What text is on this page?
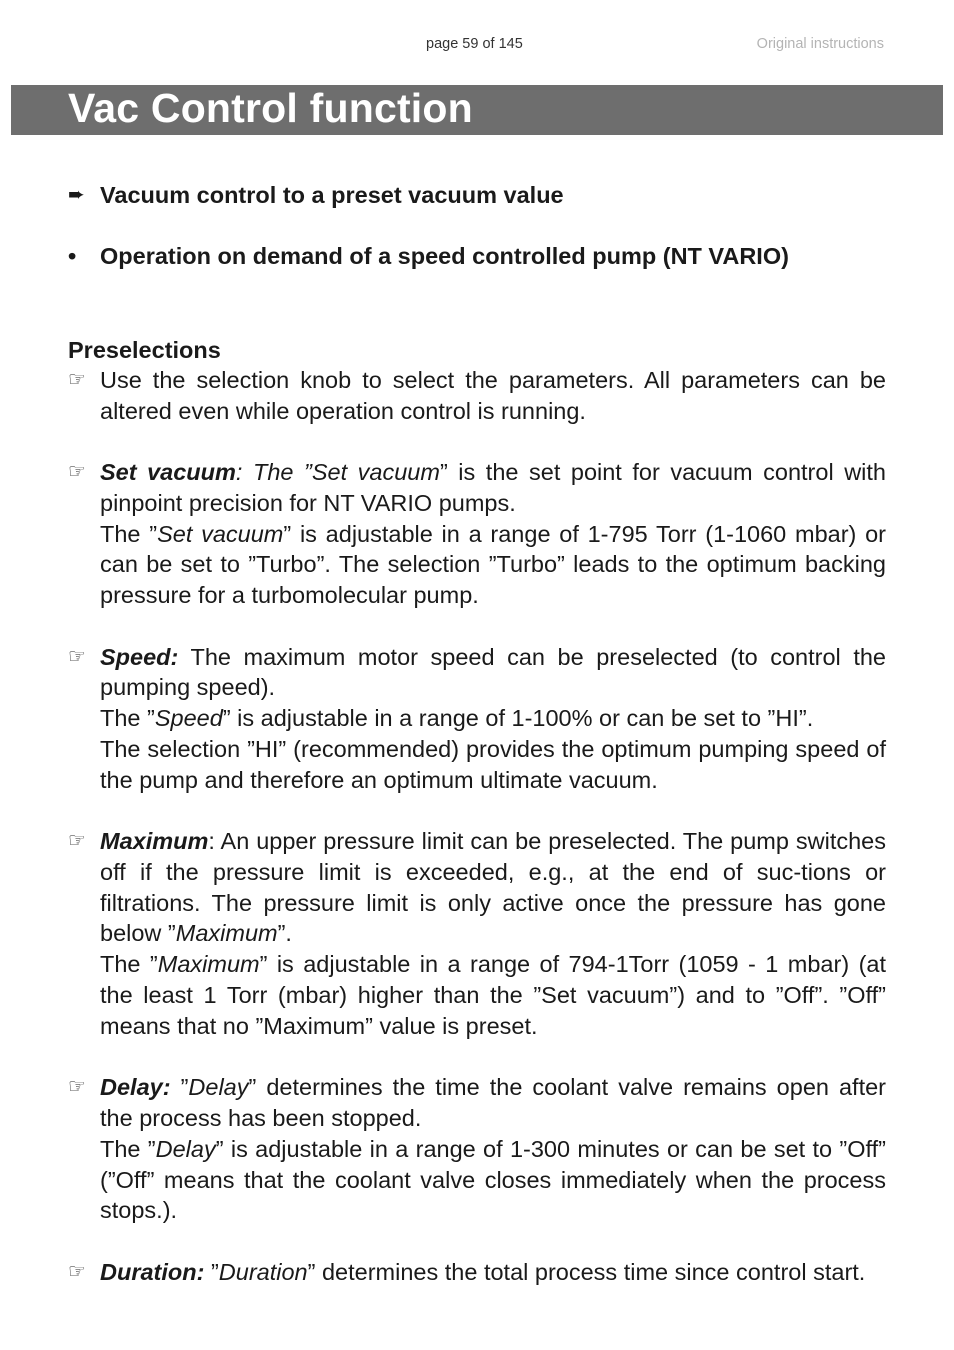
page 59 of 145	Original instructions
Vac Control function
➨ Vacuum control to a preset vacuum value
•	Operation on demand of a speed controlled pump (NT VARIO)
Preselections
☞ Use the selection knob to select the parameters. All parameters can be altered even while operation control is running.

☞ Set vacuum: The ”Set vacuum” is the set point for vacuum control with pinpoint precision for NT VARIO pumps.

The ”Set vacuum” is adjustable in a range of 1-795 Torr (1-1060 mbar) or can be set to ”Turbo”. The selection ”Turbo” leads to the optimum backing pressure for a turbomolecular pump.

☞ Speed: The maximum motor speed can be preselected (to control the pumping speed).

The ”Speed” is adjustable in a range of 1-100% or can be set to ”HI”.

The selection ”HI” (recommended) provides the optimum pumping speed of the pump and therefore an optimum ultimate vacuum.

☞ Maximum: An upper pressure limit can be preselected. The pump switches off if the pressure limit is exceeded, e.g., at the end of suc-tions or filtrations. The pressure limit is only active once the pressure has gone below ”Maximum”.

The ”Maximum” is adjustable in a range of 794-1Torr (1059 - 1 mbar) (at the least 1 Torr (mbar) higher than the ”Set vacuum”) and to ”Off”. ”Off” means that no ”Maximum” value is preset.

☞ Delay: ”Delay” determines the time the coolant valve remains open after the process has been stopped.

The ”Delay” is adjustable in a range of 1-300 minutes or can be set to ”Off” (”Off” means that the coolant valve closes immediately when the process stops.).

☞ Duration: ”Duration” determines the total process time since control start.
